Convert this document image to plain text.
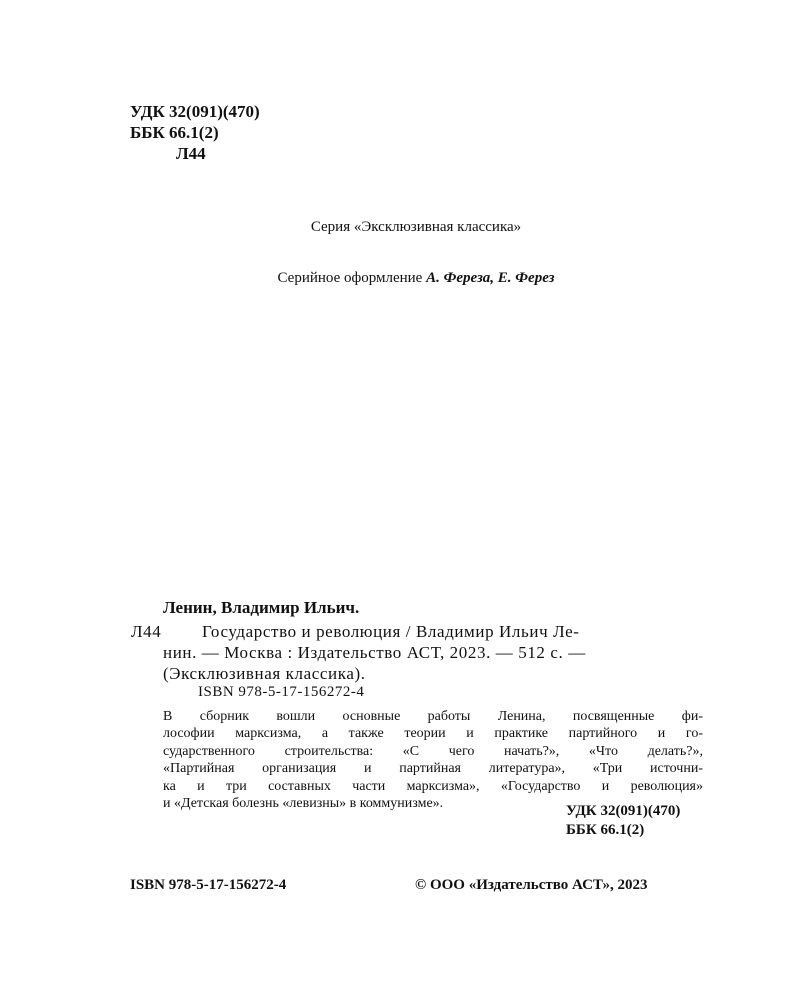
УДК 32(091)(470)
ББК 66.1(2)
Л44
Серия «Эксклюзивная классика»
Серийное оформление А. Фереза, Е. Ферез
Ленин, Владимир Ильич.
Л44 Государство и революция / Владимир Ильич Ле-
нин. — Москва : Издательство АСТ, 2023. — 512 с. —
(Эксклюзивная классика).
ISBN 978-5-17-156272-4
В сборник вошли основные работы Ленина, посвященные фи-
лософии марксизма, а также теории и практике партийного и го-
сударственного строительства: «С чего начать?», «Что делать?»,
«Партийная организация и партийная литература», «Три источни-
ка и три составных части марксизма», «Государство и революция»
и «Детская болезнь «левизны» в коммунизме».	УДК 32(091)(470)
ББК 66.1(2)
ISBN 978-5-17-156272-4	© ООО «Издательство АСТ», 2023
